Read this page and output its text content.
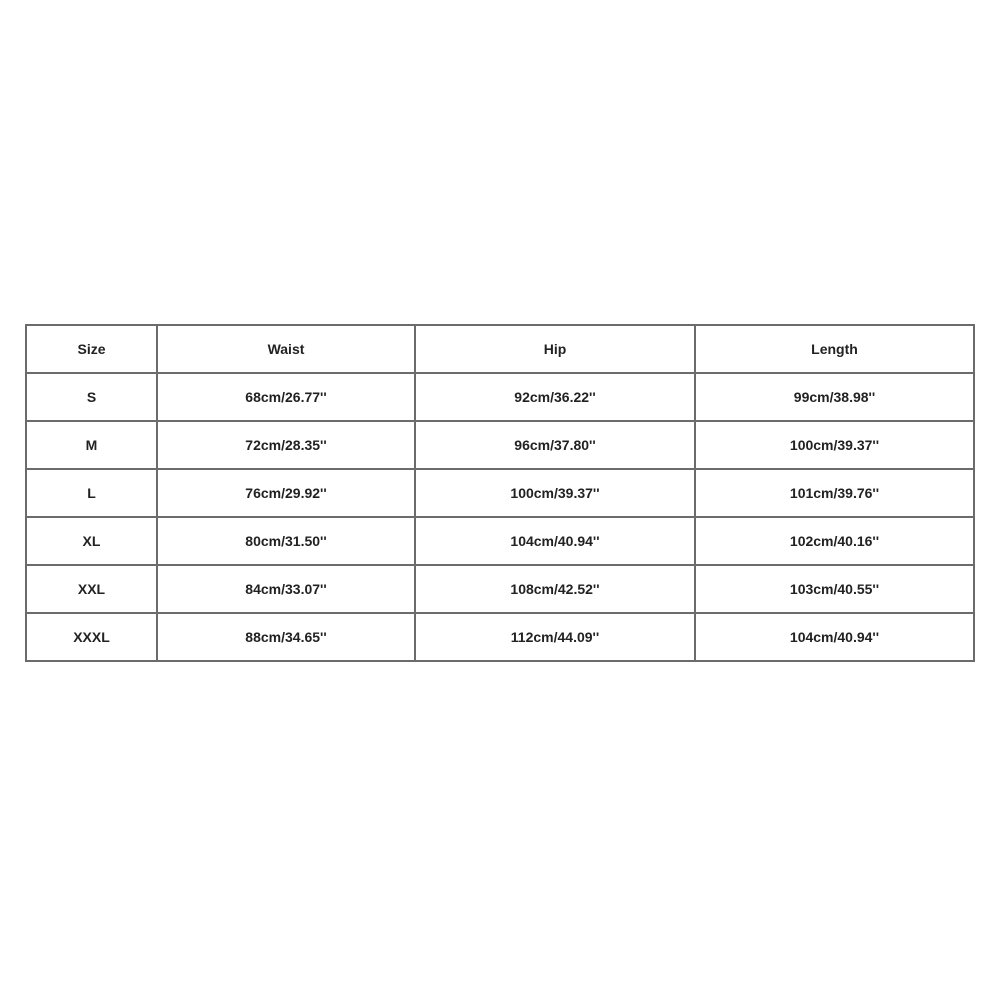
Size	Waist	Hip	Length
S	68cm/26.77''	92cm/36.22''	99cm/38.98''
M	72cm/28.35''	96cm/37.80''	100cm/39.37''
L	76cm/29.92''	100cm/39.37''	101cm/39.76''
XL	80cm/31.50''	104cm/40.94''	102cm/40.16''
XXL	84cm/33.07''	108cm/42.52''	103cm/40.55''
XXXL	88cm/34.65''	112cm/44.09''	104cm/40.94''
